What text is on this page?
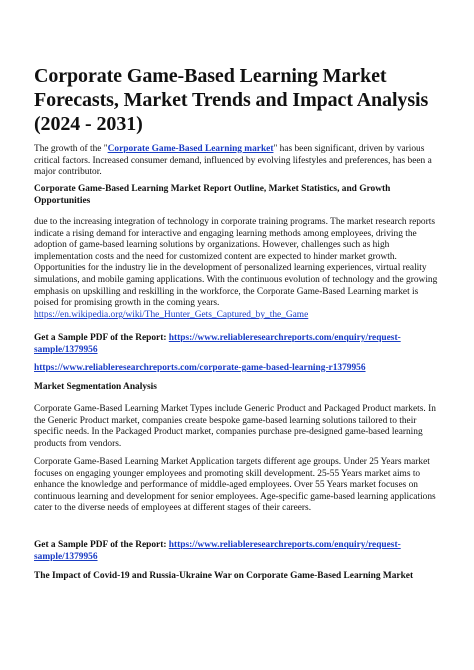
Corporate Game-Based Learning Market Forecasts, Market Trends and Impact Analysis (2024 - 2031)

The growth of the "Corporate Game-Based Learning market" has been significant, driven by various critical factors. Increased consumer demand, influenced by evolving lifestyles and preferences, has been a major contributor.

Corporate Game-Based Learning Market Report Outline, Market Statistics, and Growth Opportunities

due to the increasing integration of technology in corporate training programs. The market research reports indicate a rising demand for interactive and engaging learning methods among employees, driving the adoption of game-based learning solutions by organizations. However, challenges such as high implementation costs and the need for customized content are expected to hinder market growth. Opportunities for the industry lie in the development of personalized learning experiences, virtual reality simulations, and mobile gaming applications. With the continuous evolution of technology and the growing emphasis on upskilling and reskilling in the workforce, the Corporate Game-Based Learning market is poised for promising growth in the coming years.

https://en.wikipedia.org/wiki/The_Hunter_Gets_Captured_by_the_Game

Get a Sample PDF of the Report: https://www.reliableresearchreports.com/enquiry/request-sample/1379956

https://www.reliableresearchreports.com/corporate-game-based-learning-r1379956

Market Segmentation Analysis

Corporate Game-Based Learning Market Types include Generic Product and Packaged Product markets. In the Generic Product market, companies create bespoke game-based learning solutions tailored to their specific needs. In the Packaged Product market, companies purchase pre-designed game-based learning products from vendors.

Corporate Game-Based Learning Market Application targets different age groups. Under 25 Years market focuses on engaging younger employees and promoting skill development. 25-55 Years market aims to enhance the knowledge and performance of middle-aged employees. Over 55 Years market focuses on continuous learning and development for senior employees. Age-specific game-based learning applications cater to the diverse needs of employees at different stages of their careers.

Get a Sample PDF of the Report: https://www.reliableresearchreports.com/enquiry/request-sample/1379956

The Impact of Covid-19 and Russia-Ukraine War on Corporate Game-Based Learning Market
